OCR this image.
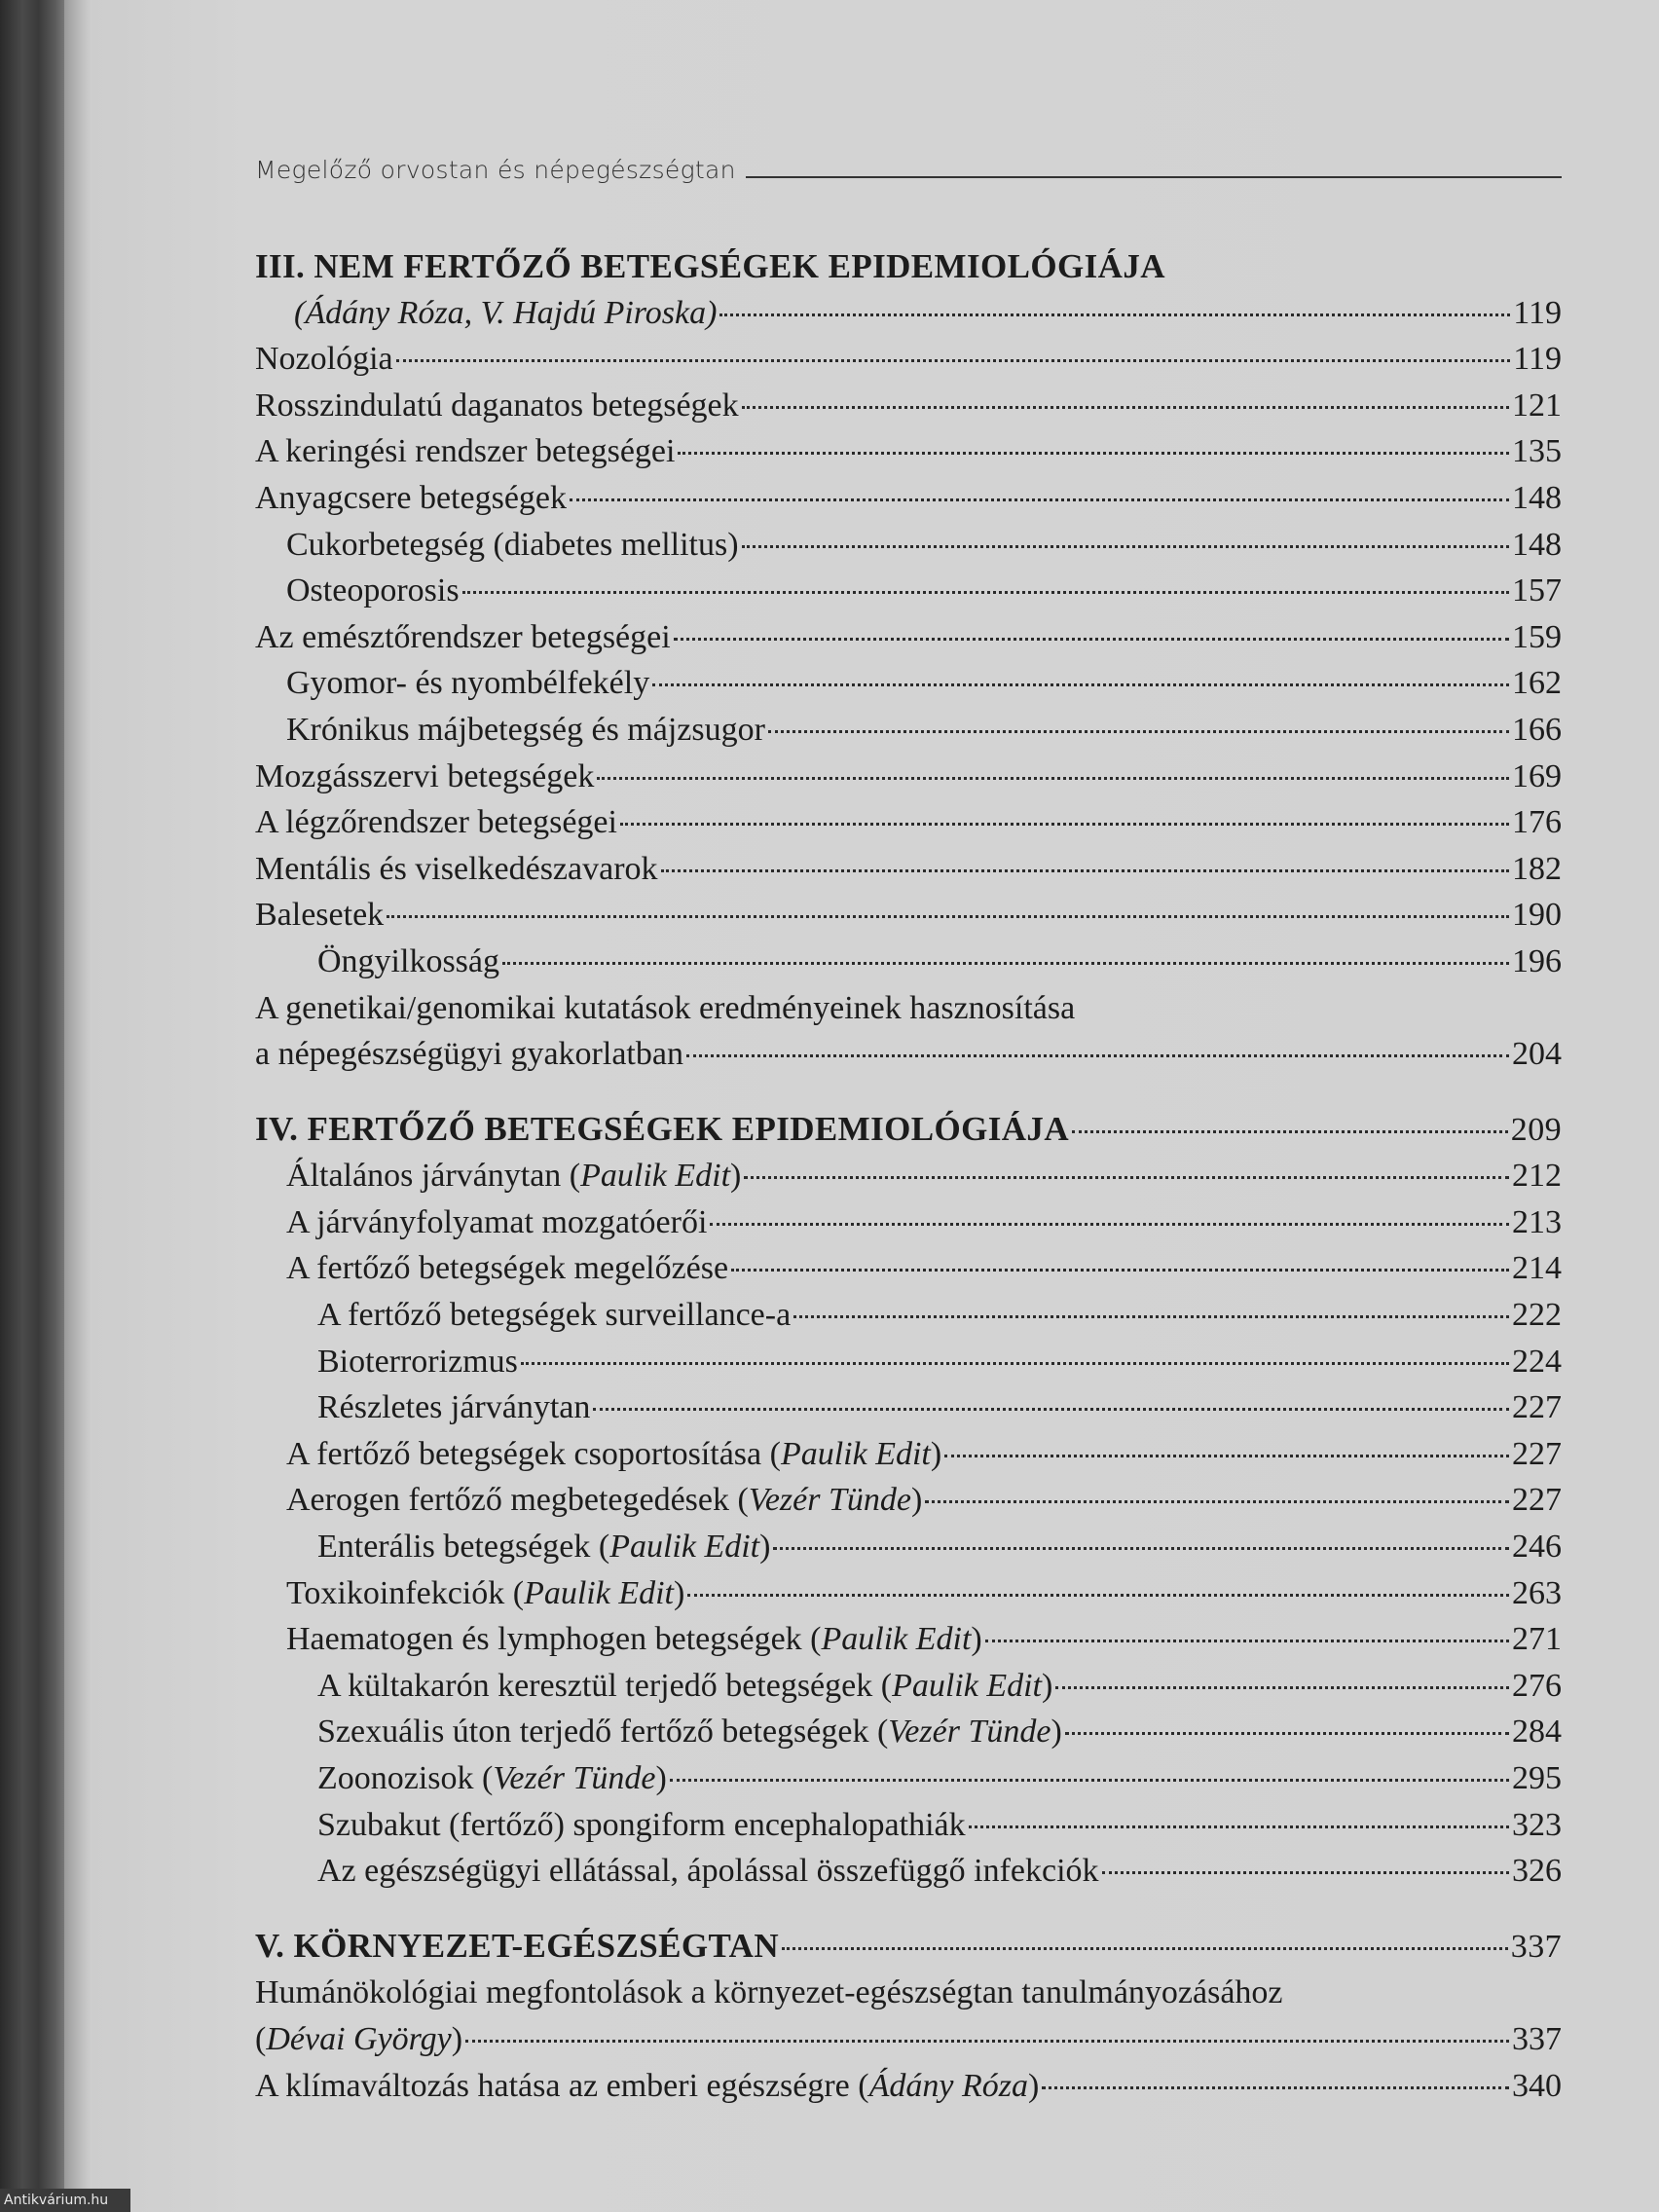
Megelőző orvostan és népegészségtan
III. NEM FERTŐZŐ BETEGSÉGEK EPIDEMIOLÓGIÁJA
(Ádány Róza, V. Hajdú Piroska)	119
Nozológia	119
Rosszindulatú daganatos betegségek	121
A keringési rendszer betegségei	135
Anyagcsere betegségek	148
Cukorbetegség (diabetes mellitus)	148
Osteoporosis	157
Az emésztőrendszer betegségei	159
Gyomor- és nyombélfekély	162
Krónikus májbetegség és májzsugor	166
Mozgásszervi betegségek	169
A légzőrendszer betegségei	176
Mentális és viselkedészavarok	182
Balesetek	190
Öngyilkosság	196
A genetikai/genomikai kutatások eredményeinek hasznosítása
a népegészségügyi gyakorlatban	204
IV. FERTŐZŐ BETEGSÉGEK EPIDEMIOLÓGIÁJA	209
Általános járványtan (Paulik Edit)	212
A járványfolyamat mozgatóerői	213
A fertőző betegségek megelőzése	214
A fertőző betegségek surveillance-a	222
Bioterrorizmus	224
Részletes járványtan	227
A fertőző betegségek csoportosítása (Paulik Edit)	227
Aerogen fertőző megbetegedések (Vezér Tünde)	227
Enterális betegségek (Paulik Edit)	246
Toxikoinfekciók (Paulik Edit)	263
Haematogen és lymphogen betegségek (Paulik Edit)	271
A kültakarón keresztül terjedő betegségek (Paulik Edit)	276
Szexuális úton terjedő fertőző betegségek (Vezér Tünde)	284
Zoonozisok (Vezér Tünde)	295
Szubakut (fertőző) spongiform encephalopathiák	323
Az egészségügyi ellátással, ápolással összefüggő infekciók	326
V. KÖRNYEZET-EGÉSZSÉGTAN	337
Humánökológiai megfontolások a környezet-egészségtan tanulmányozásához
(Dévai György)	337
A klímaváltozás hatása az emberi egészségre (Ádány Róza)	340
Antikvárium.hu
